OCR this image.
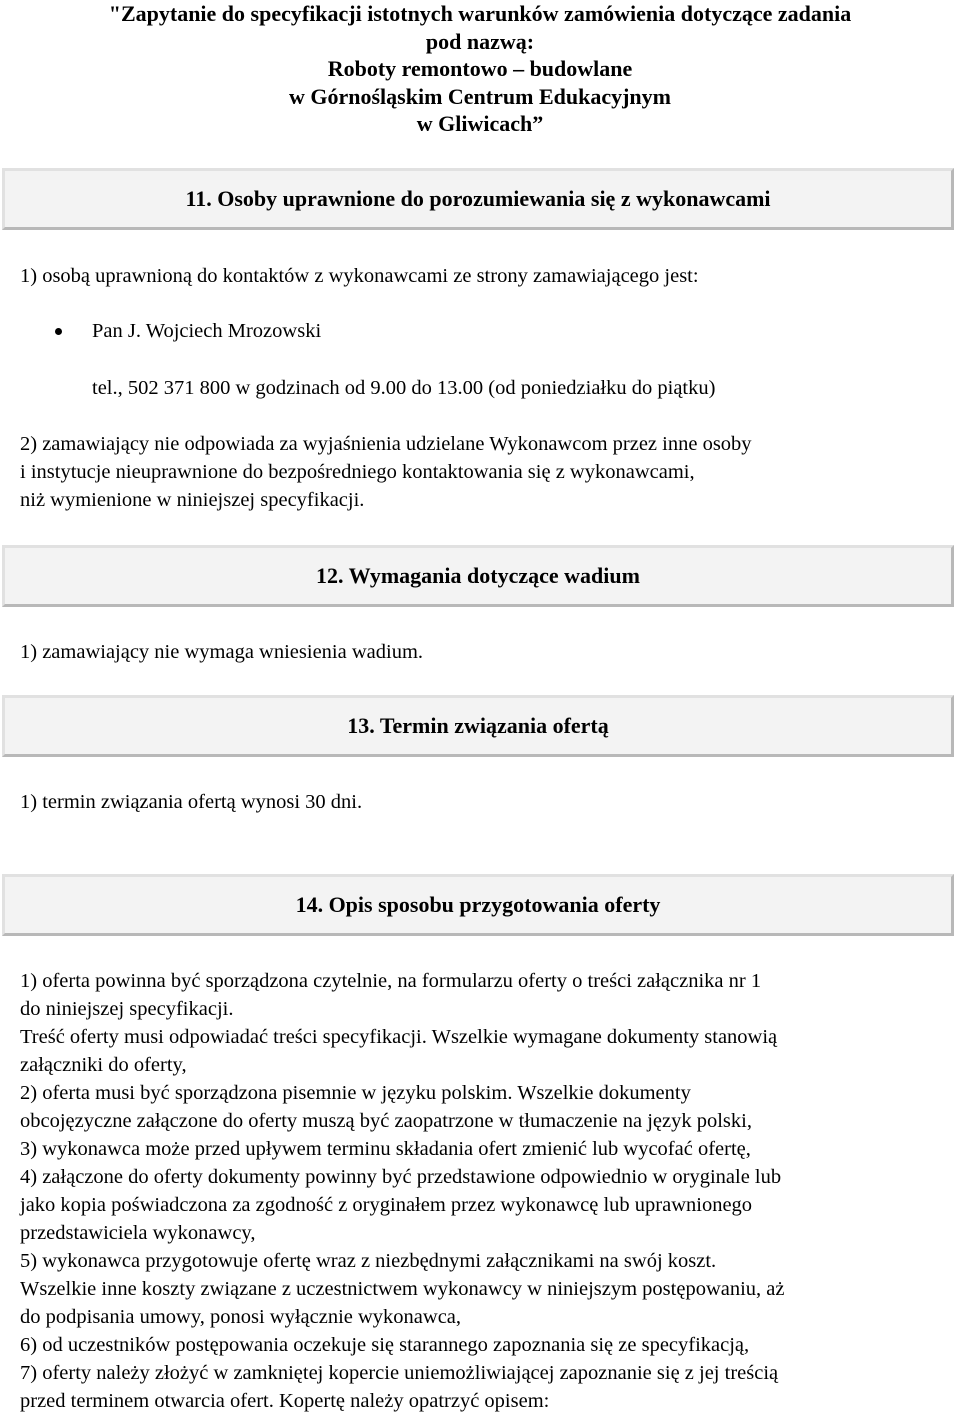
"Zapytanie do specyfikacji istotnych warunków zamówienia dotyczące zadania
pod nazwą:
Roboty remontowo – budowlane
w Górnośląskim Centrum Edukacyjnym
w Gliwicach”
11. Osoby uprawnione do porozumiewania się z wykonawcami
1) osobą uprawnioną do kontaktów z wykonawcami ze strony zamawiającego jest:
Pan J. Wojciech Mrozowski
tel., 502 371 800 w godzinach od 9.00 do 13.00 (od poniedziałku do piątku)
2) zamawiający nie odpowiada za wyjaśnienia udzielane Wykonawcom przez inne osoby
i instytucje nieuprawnione do bezpośredniego kontaktowania się z wykonawcami,
niż wymienione w niniejszej specyfikacji.
12. Wymagania dotyczące wadium
1) zamawiający nie wymaga wniesienia wadium.
13. Termin związania ofertą
1) termin związania ofertą wynosi 30 dni.
14. Opis sposobu przygotowania oferty
1) oferta powinna być sporządzona czytelnie, na formularzu oferty o treści załącznika nr 1
do niniejszej specyfikacji.
Treść oferty musi odpowiadać treści specyfikacji. Wszelkie wymagane dokumenty stanowią
załączniki do oferty,
2) oferta musi być sporządzona pisemnie w języku polskim. Wszelkie dokumenty
obcojęzyczne załączone do oferty muszą być zaopatrzone w tłumaczenie na język polski,
3) wykonawca może przed upływem terminu składania ofert zmienić lub wycofać ofertę,
4) załączone do oferty dokumenty powinny być przedstawione odpowiednio w oryginale lub
jako kopia poświadczona za zgodność z oryginałem przez wykonawcę lub uprawnionego
przedstawiciela wykonawcy,
5) wykonawca przygotowuje ofertę wraz z niezbędnymi załącznikami na swój koszt.
Wszelkie inne koszty związane z uczestnictwem wykonawcy w niniejszym postępowaniu, aż
do podpisania umowy, ponosi wyłącznie wykonawca,
6) od uczestników postępowania oczekuje się starannego zapoznania się ze specyfikacją,
7) oferty należy złożyć w zamkniętej kopercie uniemożliwiającej zapoznanie się z jej treścią
przed terminem otwarcia ofert. Kopertę należy opatrzyć opisem:
